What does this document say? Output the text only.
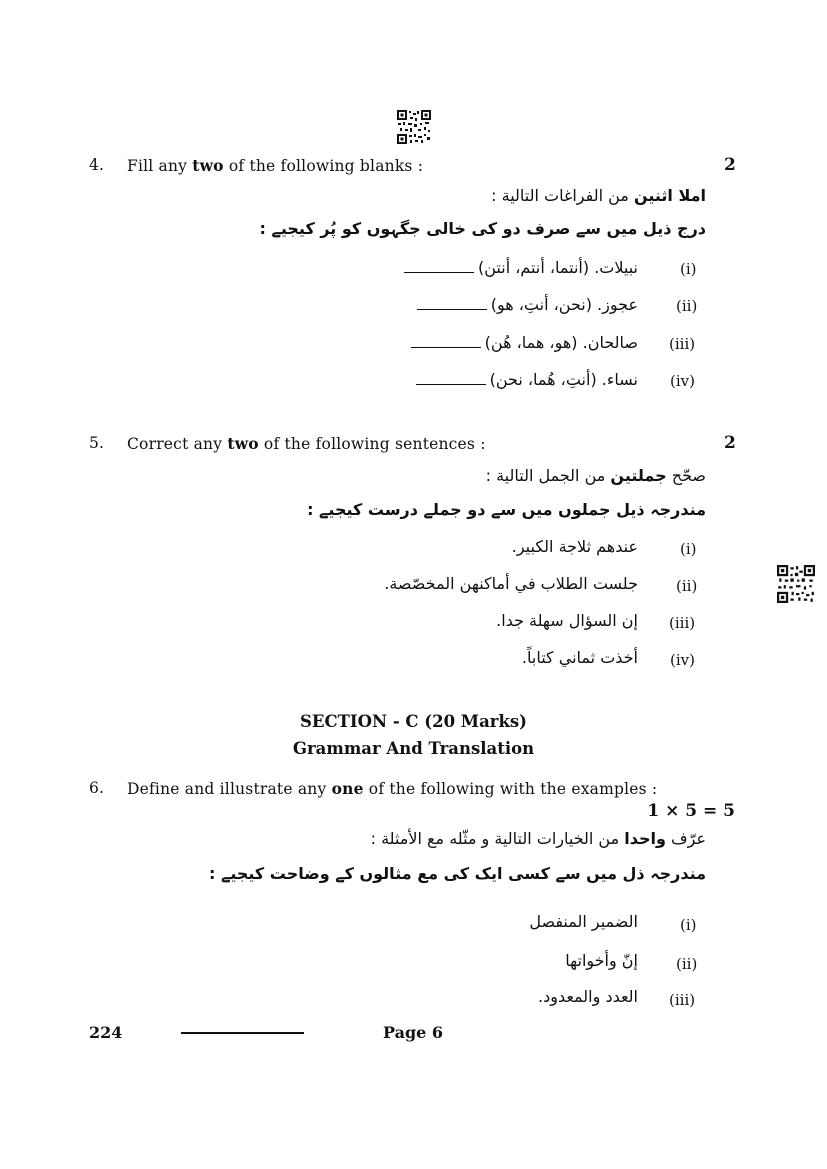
4. Fill any two of the following blanks :	2
املا اثنين من الفراغات التالية :
درج ذیل میں سے صرف دو کی خالی جگہوں کو پُر کیجیے :
(i)
نبيلات. (أنتما، أنتم، أنتن)
(ii)
عجوز. (نحن، أنتِ، هو)
(iii)
صالحان. (هو، هما، هُن)
(iv)
نساء. (أنتِ، هُما، نحن)
5. Correct any two of the following sentences :	2
صحّح جملتين من الجمل التالية :
مندرجہ ذیل جملوں میں سے دو جملے درست کیجیے :
(i)
عندهم ثلاجة الكبير.
(ii)
جلست الطلاب في أماكنهن المخصّصة.
(iii)
إن السؤال سهلة جدا.
(iv)
أخذت ثماني كتاباً.
SECTION - C (20 Marks)
Grammar And Translation
6. Define and illustrate any one of the following with the examples :
1 × 5 = 5
عرّف واحدا من الخيارات التالية و مثّله مع الأمثلة :
مندرجہ ذل میں سے کسی ایک کی مع مثالوں کے وضاحت کیجیے :
(i)
الضمير المنفصل
(ii)
إنّ وأخواتها
(iii)
العدد والمعدود.
224	Page 6
